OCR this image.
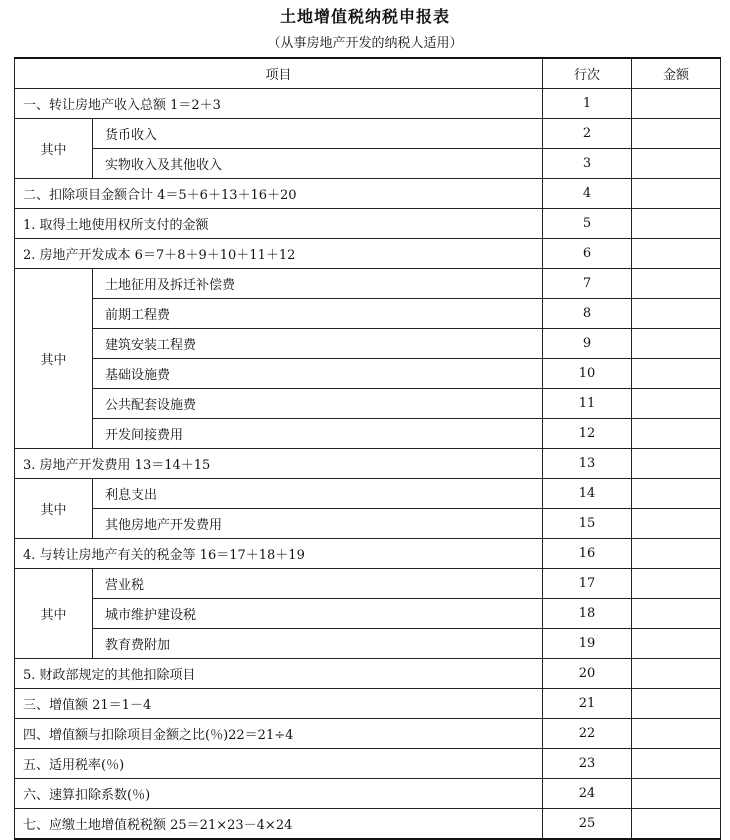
土地增值税纳税申报表
（从事房地产开发的纳税人适用）
项目		行次	金额
一、转让房地产收入总额 1＝2＋3		1	
其中	货币收入	2	
	实物收入及其他收入	3	
二、扣除项目金额合计 4＝5＋6＋13＋16＋20		4	
1. 取得土地使用权所支付的金额		5	
2. 房地产开发成本 6＝7＋8＋9＋10＋11＋12		6	
其中	土地征用及拆迁补偿费	7	
	前期工程费	8	
	建筑安装工程费	9	
	基础设施费	10	
	公共配套设施费	11	
	开发间接费用	12	
3. 房地产开发费用 13＝14＋15		13	
其中	利息支出	14	
	其他房地产开发费用	15	
4. 与转让房地产有关的税金等 16＝17＋18＋19		16	
其中	营业税	17	
	城市维护建设税	18	
	教育费附加	19	
5. 财政部规定的其他扣除项目		20	
三、增值额 21＝1－4		21	
四、增值额与扣除项目金额之比(％)22＝21÷4		22	
五、适用税率(％)		23	
六、速算扣除系数(％)		24	
七、应缴土地增值税税额 25＝21×23－4×24		25	
